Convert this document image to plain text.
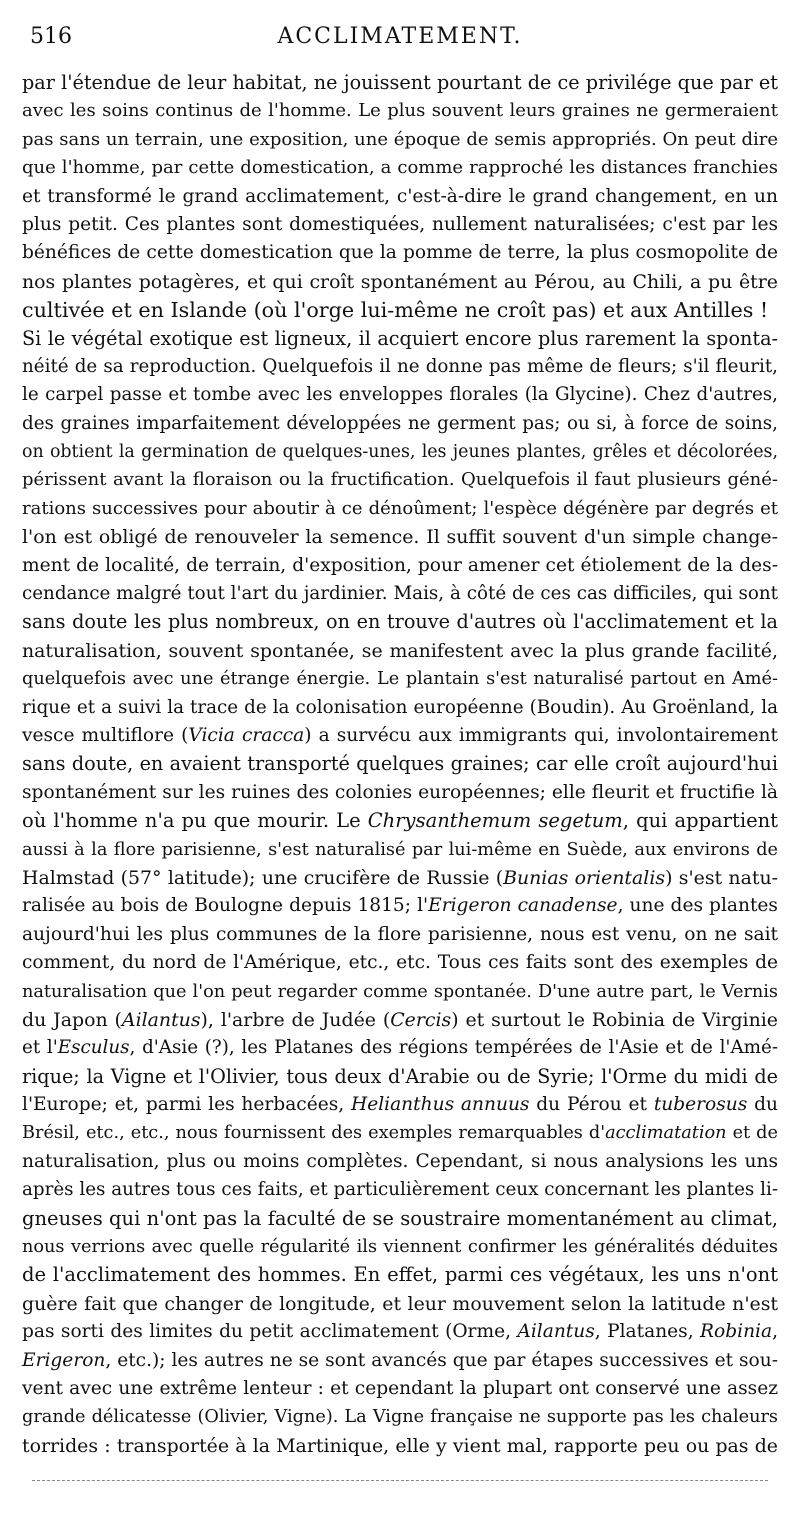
516	ACCLIMATEMENT.
par l'étendue de leur habitat, ne jouissent pourtant de ce privilége que par et
avec les soins continus de l'homme. Le plus souvent leurs graines ne germeraient
pas sans un terrain, une exposition, une époque de semis appropriés. On peut dire
que l'homme, par cette domestication, a comme rapproché les distances franchies
et transformé le grand acclimatement, c'est-à-dire le grand changement, en un
plus petit. Ces plantes sont domestiquées, nullement naturalisées; c'est par les
bénéfices de cette domestication que la pomme de terre, la plus cosmopolite de
nos plantes potagères, et qui croît spontanément au Pérou, au Chili, a pu être
cultivée et en Islande (où l'orge lui-même ne croît pas) et aux Antilles !
Si le végétal exotique est ligneux, il acquiert encore plus rarement la sponta-
néité de sa reproduction. Quelquefois il ne donne pas même de fleurs; s'il fleurit,
le carpel passe et tombe avec les enveloppes florales (la Glycine). Chez d'autres,
des graines imparfaitement développées ne germent pas; ou si, à force de soins,
on obtient la germination de quelques-unes, les jeunes plantes, grêles et décolorées,
périssent avant la floraison ou la fructification. Quelquefois il faut plusieurs géné-
rations successives pour aboutir à ce dénoûment; l'espèce dégénère par degrés et
l'on est obligé de renouveler la semence. Il suffit souvent d'un simple change-
ment de localité, de terrain, d'exposition, pour amener cet étiolement de la des-
cendance malgré tout l'art du jardinier. Mais, à côté de ces cas difficiles, qui sont
sans doute les plus nombreux, on en trouve d'autres où l'acclimatement et la
naturalisation, souvent spontanée, se manifestent avec la plus grande facilité,
quelquefois avec une étrange énergie. Le plantain s'est naturalisé partout en Amé-
rique et a suivi la trace de la colonisation européenne (Boudin). Au Groënland, la
vesce multiflore (Vicia cracca) a survécu aux immigrants qui, involontairement
sans doute, en avaient transporté quelques graines; car elle croît aujourd'hui
spontanément sur les ruines des colonies européennes; elle fleurit et fructifie là
où l'homme n'a pu que mourir. Le Chrysanthemum segetum, qui appartient
aussi à la flore parisienne, s'est naturalisé par lui-même en Suède, aux environs de
Halmstad (57° latitude); une crucifère de Russie (Bunias orientalis) s'est natu-
ralisée au bois de Boulogne depuis 1815; l'Erigeron canadense, une des plantes
aujourd'hui les plus communes de la flore parisienne, nous est venu, on ne sait
comment, du nord de l'Amérique, etc., etc. Tous ces faits sont des exemples de
naturalisation que l'on peut regarder comme spontanée. D'une autre part, le Vernis
du Japon (Ailantus), l'arbre de Judée (Cercis) et surtout le Robinia de Virginie
et l'Esculus, d'Asie (?), les Platanes des régions tempérées de l'Asie et de l'Amé-
rique; la Vigne et l'Olivier, tous deux d'Arabie ou de Syrie; l'Orme du midi de
l'Europe; et, parmi les herbacées, Helianthus annuus du Pérou et tuberosus du
Brésil, etc., etc., nous fournissent des exemples remarquables d'acclimatation et de
naturalisation, plus ou moins complètes. Cependant, si nous analysions les uns
après les autres tous ces faits, et particulièrement ceux concernant les plantes li-
gneuses qui n'ont pas la faculté de se soustraire momentanément au climat,
nous verrions avec quelle régularité ils viennent confirmer les généralités déduites
de l'acclimatement des hommes. En effet, parmi ces végétaux, les uns n'ont
guère fait que changer de longitude, et leur mouvement selon la latitude n'est
pas sorti des limites du petit acclimatement (Orme, Ailantus, Platanes, Robinia,
Erigeron, etc.); les autres ne se sont avancés que par étapes successives et sou-
vent avec une extrême lenteur : et cependant la plupart ont conservé une assez
grande délicatesse (Olivier, Vigne). La Vigne française ne supporte pas les chaleurs
torrides : transportée à la Martinique, elle y vient mal, rapporte peu ou pas de
